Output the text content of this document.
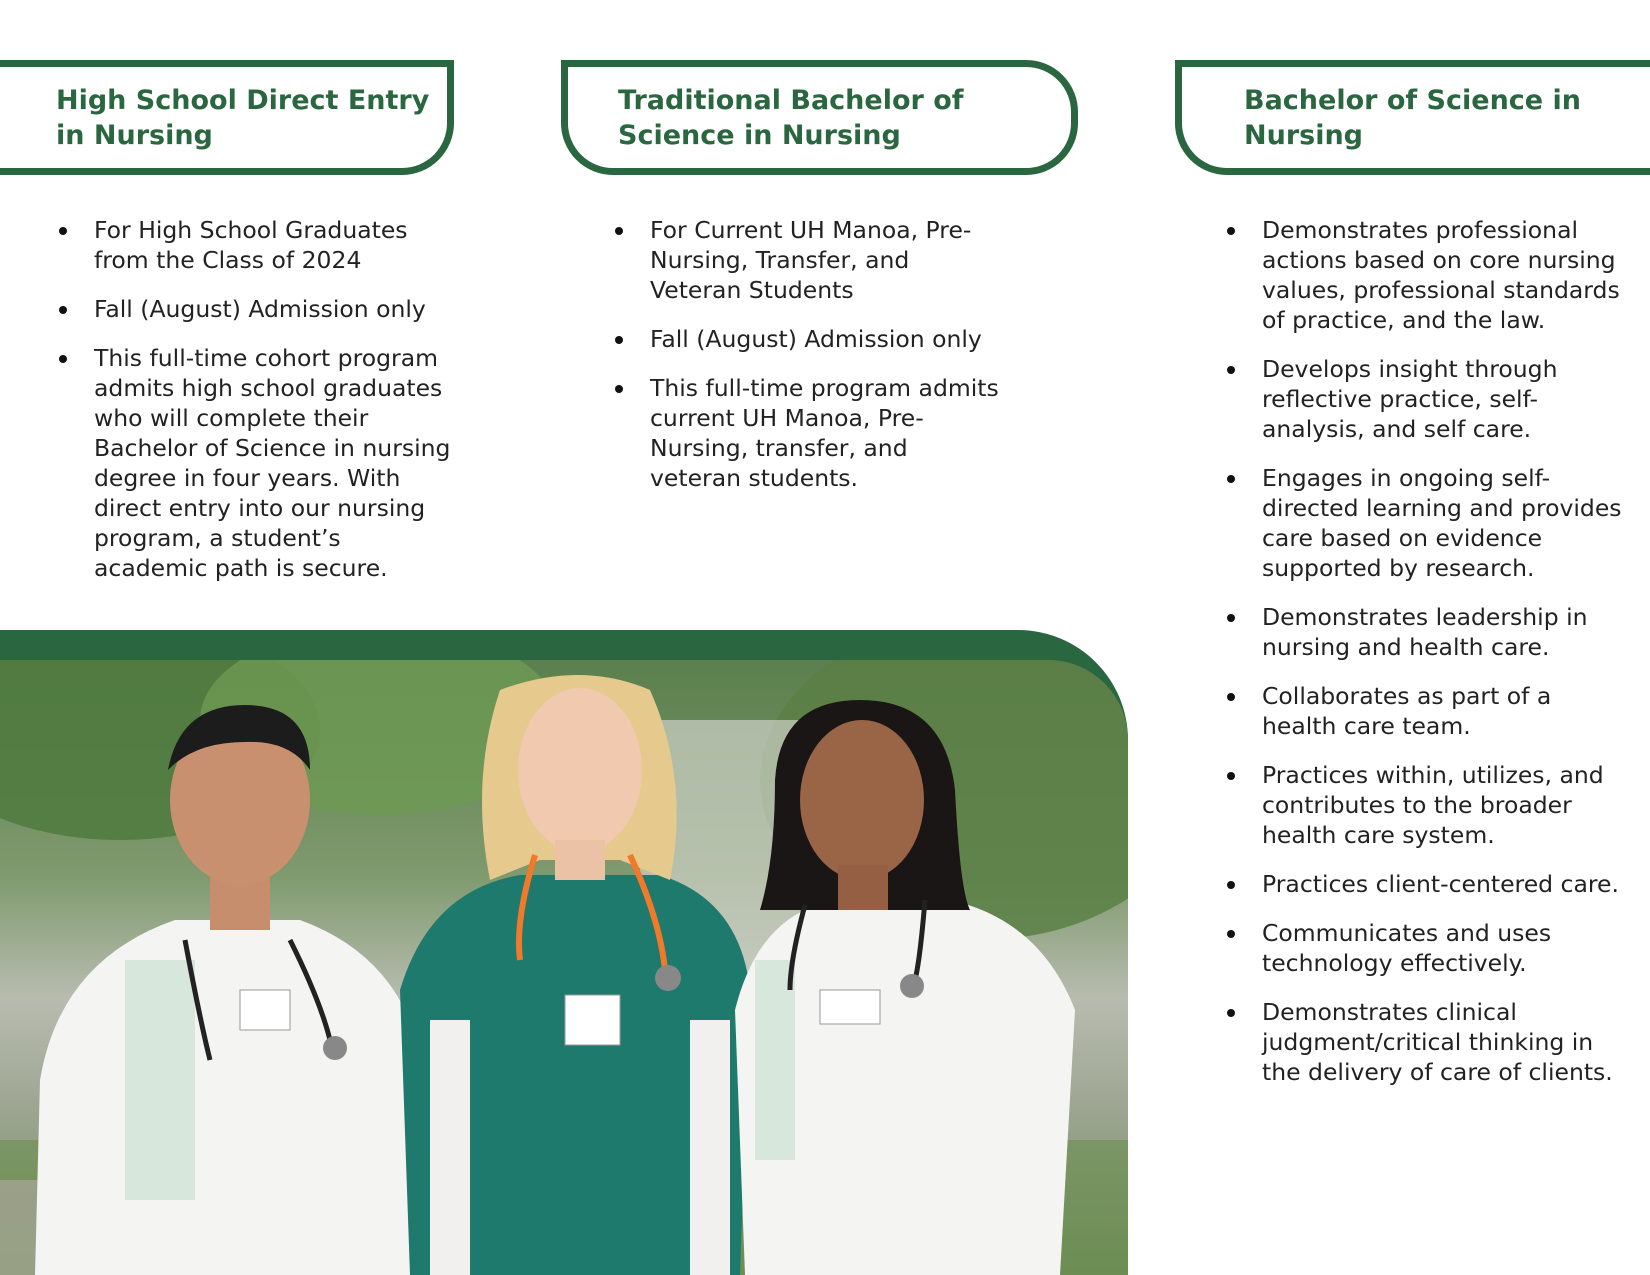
High School Direct Entry
in Nursing
For High School Graduates from the Class of 2024
Fall (August) Admission only
This full-time cohort program admits high school graduates who will complete their Bachelor of Science in nursing degree in four years. With direct entry into our nursing program, a student’s academic path is secure.
Traditional Bachelor of
Science in Nursing
For Current UH Manoa, Pre-Nursing, Transfer, and Veteran Students
Fall (August) Admission only
This full-time program admits current UH Manoa, Pre-Nursing, transfer, and veteran students.
Bachelor of Science in
Nursing
Demonstrates professional actions based on core nursing values, professional standards of practice, and the law.
Develops insight through reflective practice, self-analysis, and self care.
Engages in ongoing self-directed learning and provides care based on evidence supported by research.
Demonstrates leadership in nursing and health care.
Collaborates as part of a health care team.
Practices within, utilizes, and contributes to the broader health care system.
Practices client-centered care.
Communicates and uses technology effectively.
Demonstrates clinical judgment/critical thinking in the delivery of care of clients.
